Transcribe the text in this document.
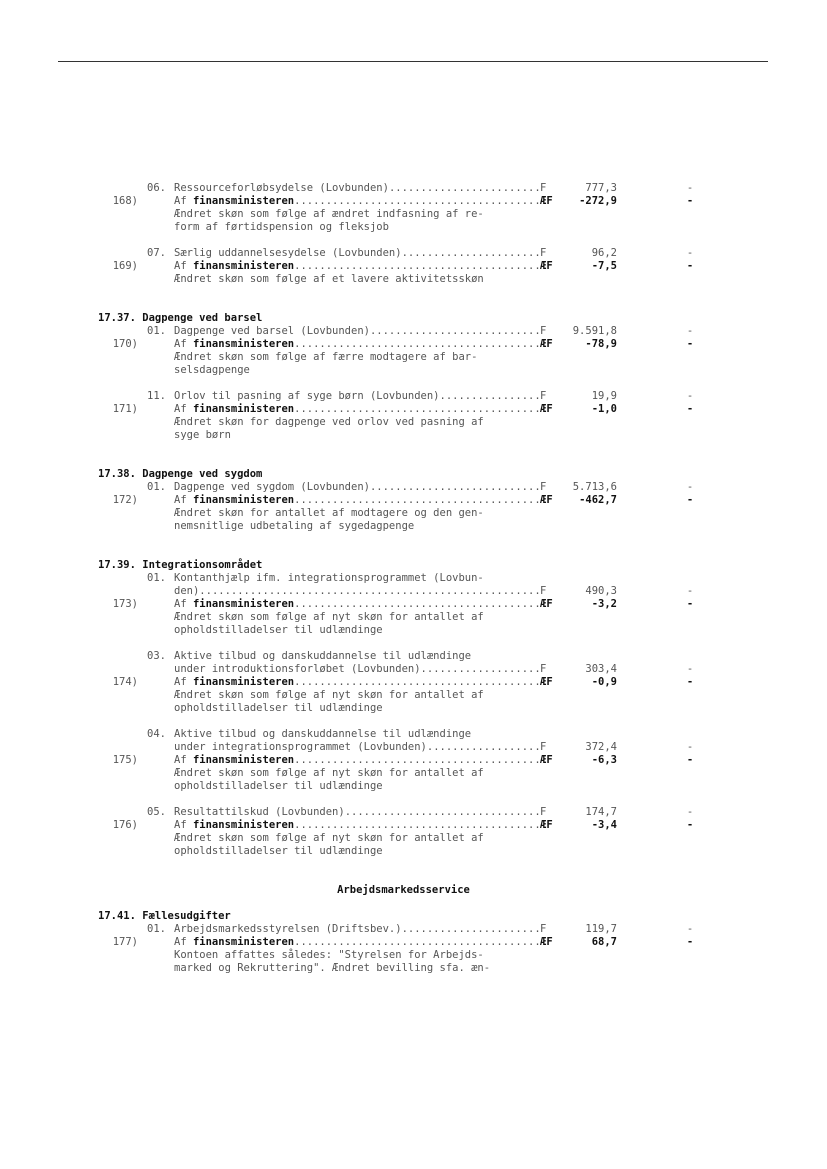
06. Ressourceforløbsydelse (Lovbunden) .....	F	777,3	-
168)	Af finansministeren .....	ÆF	-272,9	-
Ændret skøn som følge af ændret indfasning af re-
form af førtidspension og fleksjob
07. Særlig uddannelsesydelse (Lovbunden) .....	F	96,2	-
169)	Af finansministeren .....	ÆF	-7,5	-
Ændret skøn som følge af et lavere aktivitetsskøn
17.37. Dagpenge ved barsel
01. Dagpenge ved barsel (Lovbunden) .....	F	9.591,8	-
170)	Af finansministeren .....	ÆF	-78,9	-
Ændret skøn som følge af færre modtagere af bar-
selsdagpenge
11. Orlov til pasning af syge børn (Lovbunden) .....	F	19,9	-
171)	Af finansministeren .....	ÆF	-1,0	-
Ændret skøn for dagpenge ved orlov ved pasning af
syge børn
17.38. Dagpenge ved sygdom
01. Dagpenge ved sygdom (Lovbunden) .....	F	5.713,6	-
172)	Af finansministeren .....	ÆF	-462,7	-
Ændret skøn for antallet af modtagere og den gen-
nemsnitlige udbetaling af sygedagpenge
17.39. Integrationsområdet
01. Kontanthjælp ifm. integrationsprogrammet (Lovbun-
den) .....	F	490,3	-
173)	Af finansministeren .....	ÆF	-3,2	-
Ændret skøn som følge af nyt skøn for antallet af
opholdstilladelser til udlændinge
03. Aktive tilbud og danskuddannelse til udlændinge
under introduktionsforløbet (Lovbunden) .....	F	303,4	-
174)	Af finansministeren .....	ÆF	-0,9	-
Ændret skøn som følge af nyt skøn for antallet af
opholdstilladelser til udlændinge
04. Aktive tilbud og danskuddannelse til udlændinge
under integrationsprogrammet (Lovbunden) .....	F	372,4	-
175)	Af finansministeren .....	ÆF	-6,3	-
Ændret skøn som følge af nyt skøn for antallet af
opholdstilladelser til udlændinge
05. Resultattilskud (Lovbunden) .....	F	174,7	-
176)	Af finansministeren .....	ÆF	-3,4	-
Ændret skøn som følge af nyt skøn for antallet af
opholdstilladelser til udlændinge
Arbejdsmarkedsservice
17.41. Fællesudgifter
01. Arbejdsmarkedsstyrelsen (Driftsbev.) .....	F	119,7	-
177)	Af finansministeren .....	ÆF	68,7	-
Kontoen affattes således: "Styrelsen for Arbejds-
marked og Rekruttering". Ændret bevilling sfa. æn-
